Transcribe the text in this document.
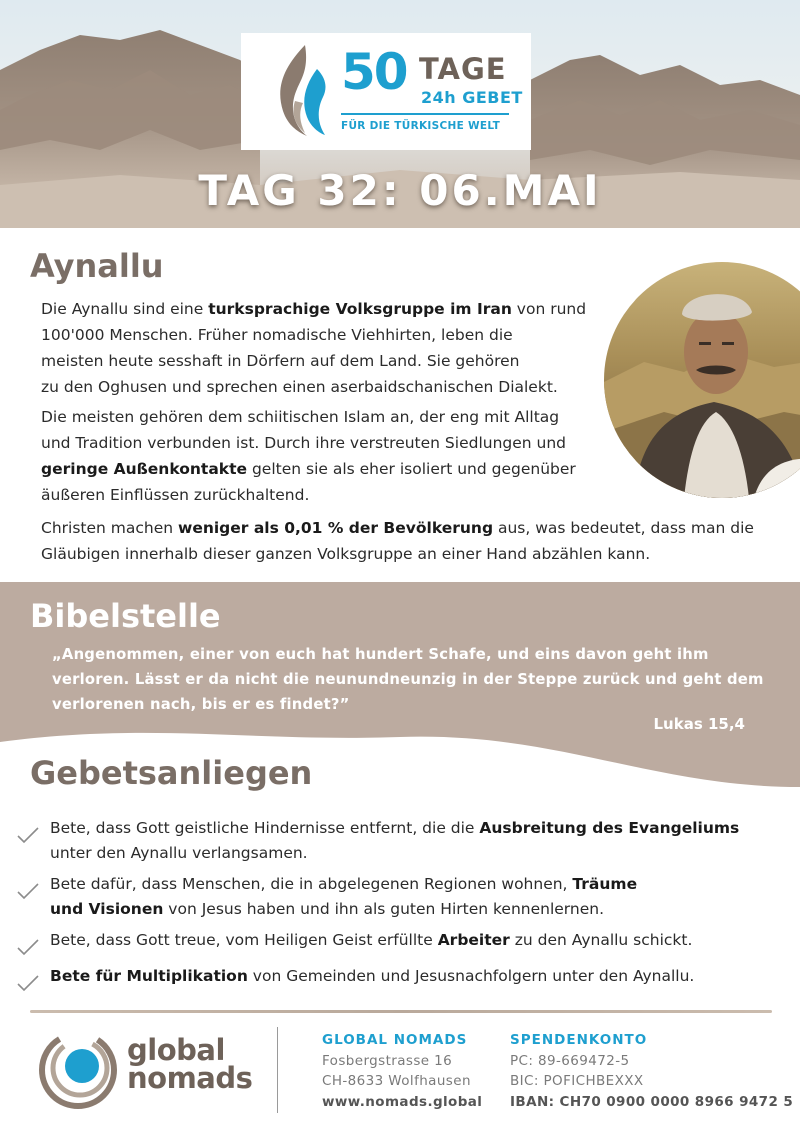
50 TAGE
24h GEBET
FÜR DIE TÜRKISCHE WELT
TAG 32: 06.MAI
Aynallu
Die Aynallu sind eine turksprachige Volksgruppe im Iran von rund
100'000 Menschen. Früher nomadische Viehhirten, leben die
meisten heute sesshaft in Dörfern auf dem Land. Sie gehören
zu den Oghusen und sprechen einen aserbaidschanischen Dialekt.
Die meisten gehören dem schiitischen Islam an, der eng mit Alltag
und Tradition verbunden ist. Durch ihre verstreuten Siedlungen und
geringe Außenkontakte gelten sie als eher isoliert und gegenüber
äußeren Einflüssen zurückhaltend.
Christen machen weniger als 0,01 % der Bevölkerung aus, was bedeutet, dass man die
Gläubigen innerhalb dieser ganzen Volksgruppe an einer Hand abzählen kann.
Bibelstelle
„Angenommen, einer von euch hat hundert Schafe, und eins davon geht ihm
verloren. Lässt er da nicht die neunundneunzig in der Steppe zurück und geht dem
verlorenen nach, bis er es findet?”
Lukas 15,4
Gebetsanliegen
Bete, dass Gott geistliche Hindernisse entfernt, die die Ausbreitung des Evangeliums
unter den Aynallu verlangsamen.
Bete dafür, dass Menschen, die in abgelegenen Regionen wohnen, Träume
und Visionen von Jesus haben und ihn als guten Hirten kennenlernen.
Bete, dass Gott treue, vom Heiligen Geist erfüllte Arbeiter zu den Aynallu schickt.
Bete für Multiplikation von Gemeinden und Jesusnachfolgern unter den Aynallu.
global
nomads
GLOBAL NOMADS
Fosbergstrasse 16
CH-8633 Wolfhausen
www.nomads.global
SPENDENKONTO
PC: 89-669472-5
BIC: POFICHBEXXX
IBAN: CH70 0900 0000 8966 9472 5
